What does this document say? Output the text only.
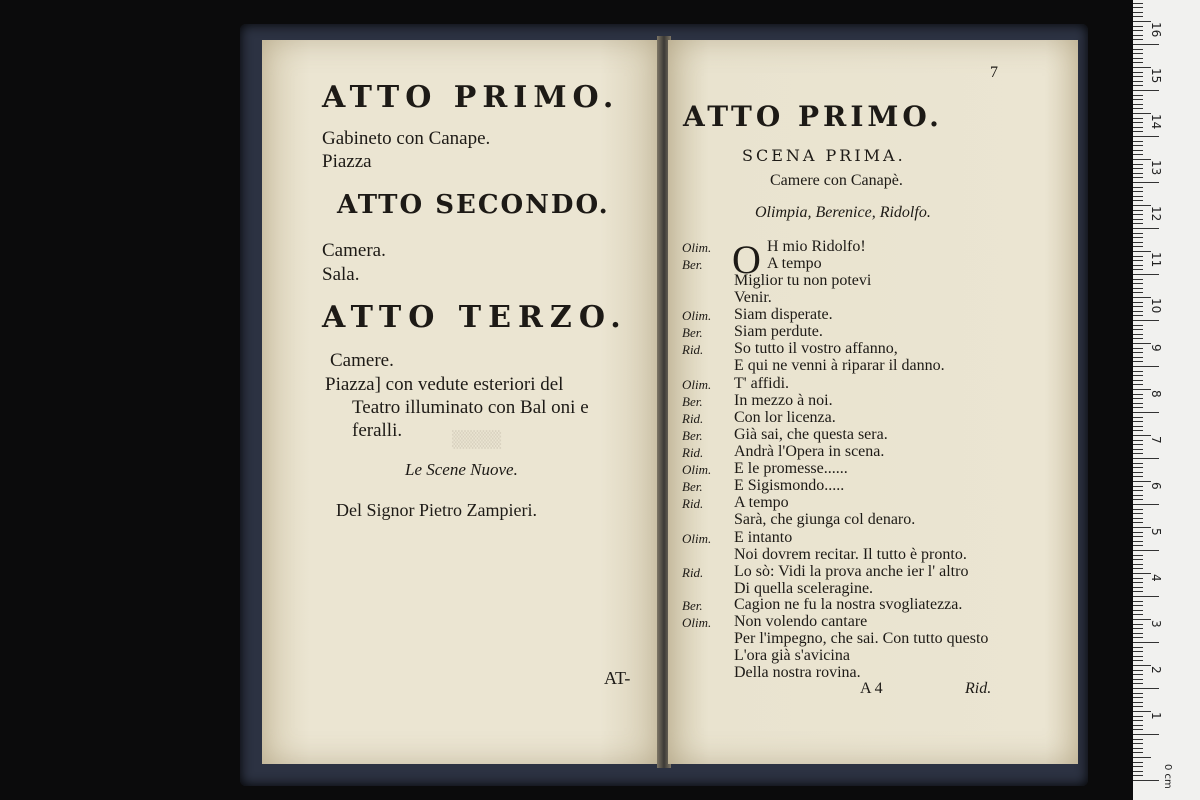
▒▒▒▒
ATTO PRIMO.
Gabineto con Canape.
Piazza
ATTO SECONDO.
Camera.
Sala.
ATTO TERZO.
Camere.
Piazza] con vedute esteriori del
Teatro illuminato con Bal oni e
feralli.
Le Scene Nuove.
Del Signor Pietro Zampieri.
AT-
7
ATTO PRIMO.
SCENA PRIMA.
Camere con Canapè.
Olimpia, Berenice, Ridolfo.
O
Olim.	H mio Ridolfo!
Ber.	A tempo
Miglior tu non potevi
Venir.
Olim. Siam disperate.
Ber. Siam perdute.
Rid. So tutto il vostro affanno,
E qui ne venni à riparar il danno.
Olim. T' affidi.
Ber. In mezzo à noi.
Rid. Con lor licenza.
Ber. Già sai, che questa sera.
Rid. Andrà l'Opera in scena.
Olim. E le promesse......
Ber. E Sigismondo.....
Rid. A tempo
Sarà, che giunga col denaro.
Olim. E intanto
Noi dovrem recitar. Il tutto è pronto.
Rid. Lo sò: Vidi la prova anche ier l' altro
Di quella sceleragine.
Ber. Cagion ne fu la nostra svogliatezza.
Olim. Non volendo cantare
Per l'impegno, che sai. Con tutto questo
L'ora già s'avicina
Della nostra rovina.
A 4	Rid.
16
15
14
13
12
11
10
9
8
7
6
5
4
3
2
1
0 cm
